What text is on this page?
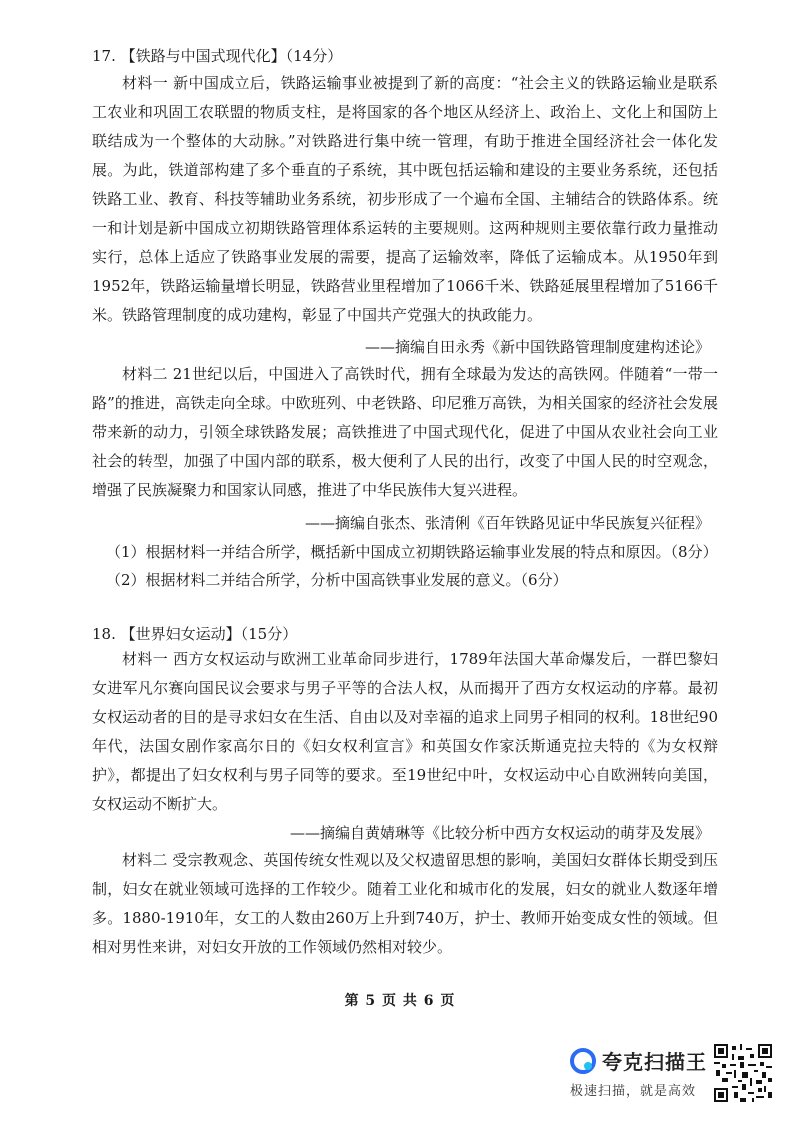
17. 【铁路与中国式现代化】（14分）

材料一 新中国成立后，铁路运输事业被提到了新的高度：“社会主义的铁路运输业是联系工农业和巩固工农联盟的物质支柱，是将国家的各个地区从经济上、政治上、文化上和国防上联结成为一个整体的大动脉。”对铁路进行集中统一管理，有助于推进全国经济社会一体化发展。为此，铁道部构建了多个垂直的子系统，其中既包括运输和建设的主要业务系统，还包括铁路工业、教育、科技等辅助业务系统，初步形成了一个遍布全国、主辅结合的铁路体系。统一和计划是新中国成立初期铁路管理体系运转的主要规则。这两种规则主要依靠行政力量推动实行，总体上适应了铁路事业发展的需要，提高了运输效率，降低了运输成本。从1950年到1952年，铁路运输量增长明显，铁路营业里程增加了1066千米、铁路延展里程增加了5166千米。铁路管理制度的成功建构，彰显了中国共产党强大的执政能力。

——摘编自田永秀《新中国铁路管理制度建构述论》

材料二 21世纪以后，中国进入了高铁时代，拥有全球最为发达的高铁网。伴随着“一带一路”的推进，高铁走向全球。中欧班列、中老铁路、印尼雅万高铁，为相关国家的经济社会发展带来新的动力，引领全球铁路发展；高铁推进了中国式现代化，促进了中国从农业社会向工业社会的转型，加强了中国内部的联系，极大便利了人民的出行，改变了中国人民的时空观念，增强了民族凝聚力和国家认同感，推进了中华民族伟大复兴进程。

——摘编自张杰、张清俐《百年铁路见证中华民族复兴征程》
（1）根据材料一并结合所学，概括新中国成立初期铁路运输事业发展的特点和原因。（8分）
（2）根据材料二并结合所学，分析中国高铁事业发展的意义。（6分）
18. 【世界妇女运动】（15分）

材料一 西方女权运动与欧洲工业革命同步进行，1789年法国大革命爆发后，一群巴黎妇女进军凡尔赛向国民议会要求与男子平等的合法人权，从而揭开了西方女权运动的序幕。最初女权运动者的目的是寻求妇女在生活、自由以及对幸福的追求上同男子相同的权利。18世纪90年代，法国女剧作家高尔日的《妇女权利宣言》和英国女作家沃斯通克拉夫特的《为女权辩护》，都提出了妇女权利与男子同等的要求。至19世纪中叶，女权运动中心自欧洲转向美国，女权运动不断扩大。

——摘编自黄婧琳等《比较分析中西方女权运动的萌芽及发展》

材料二 受宗教观念、英国传统女性观以及父权遗留思想的影响，美国妇女群体长期受到压制，妇女在就业领域可选择的工作较少。随着工业化和城市化的发展，妇女的就业人数逐年增多。1880-1910年，女工的人数由260万上升到740万，护士、教师开始变成女性的领域。但相对男性来讲，对妇女开放的工作领域仍然相对较少。

第 5 页 共 6 页
夸克扫描王
极速扫描，就是高效
